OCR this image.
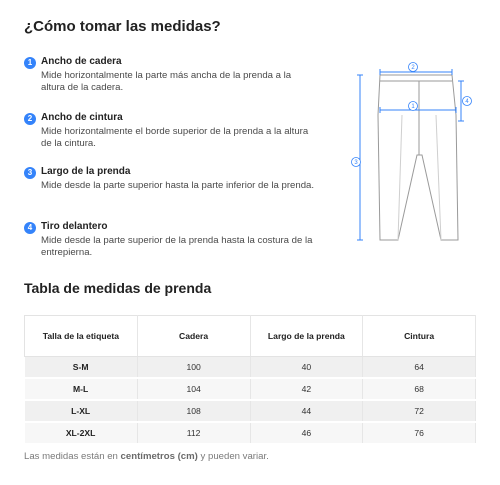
¿Cómo tomar las medidas?
1 Ancho de cadera
Mide horizontalmente la parte más ancha de la prenda a la altura de la cadera.
2 Ancho de cintura
Mide horizontalmente el borde superior de la prenda a la altura de la cintura.
3 Largo de la prenda
Mide desde la parte superior hasta la parte inferior de la prenda.
4 Tiro delantero
Mide desde la parte superior de la prenda hasta la costura de la entrepierna.
2
1
4
3
Tabla de medidas de prenda
Talla de la etiqueta	Cadera	Largo de la prenda	Cintura
S-M	100	40	64
M-L	104	42	68
L-XL	108	44	72
XL-2XL	112	46	76
Las medidas están en centímetros (cm) y pueden variar.
